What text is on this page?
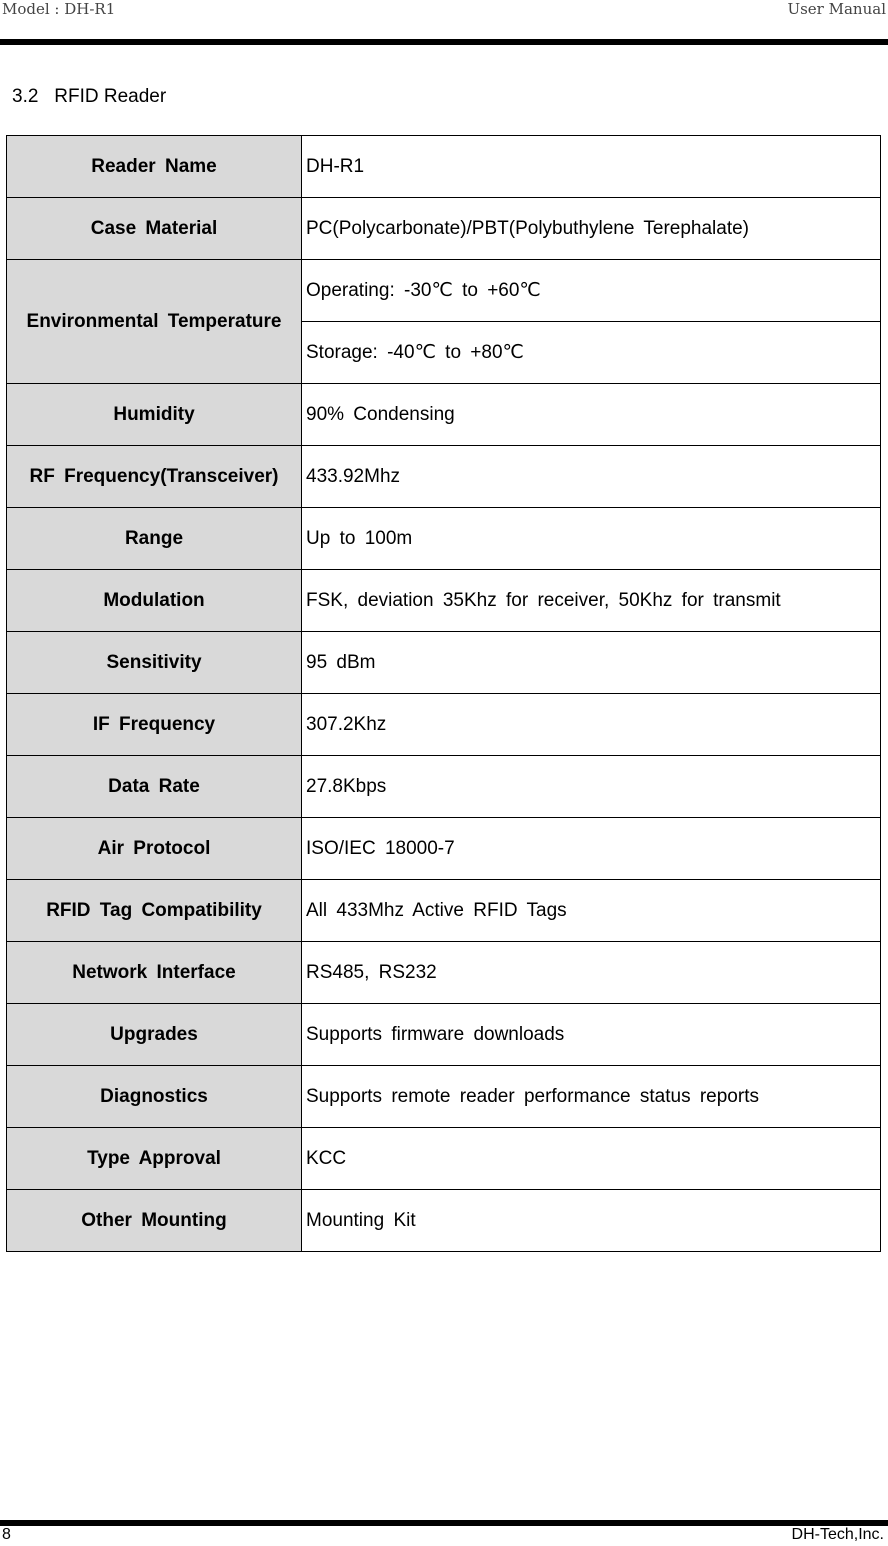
Model : DH-R1	User Manual
3.2   RFID Reader
Reader Name	DH-R1
Case Material	PC(Polycarbonate)/PBT(Polybuthylene Terephalate)
Environmental Temperature	Operating: -30℃ to +60℃
	Storage: -40℃ to +80℃
Humidity	90% Condensing
RF Frequency(Transceiver)	433.92Mhz
Range	Up to 100m
Modulation	FSK, deviation 35Khz for receiver, 50Khz for transmit
Sensitivity	95 dBm
IF Frequency	307.2Khz
Data Rate	27.8Kbps
Air Protocol	ISO/IEC 18000-7
RFID Tag Compatibility	All 433Mhz Active RFID Tags
Network Interface	RS485, RS232
Upgrades	Supports firmware downloads
Diagnostics	Supports remote reader performance status reports
Type Approval	KCC
Other Mounting	Mounting Kit
8	DH-Tech,Inc.
